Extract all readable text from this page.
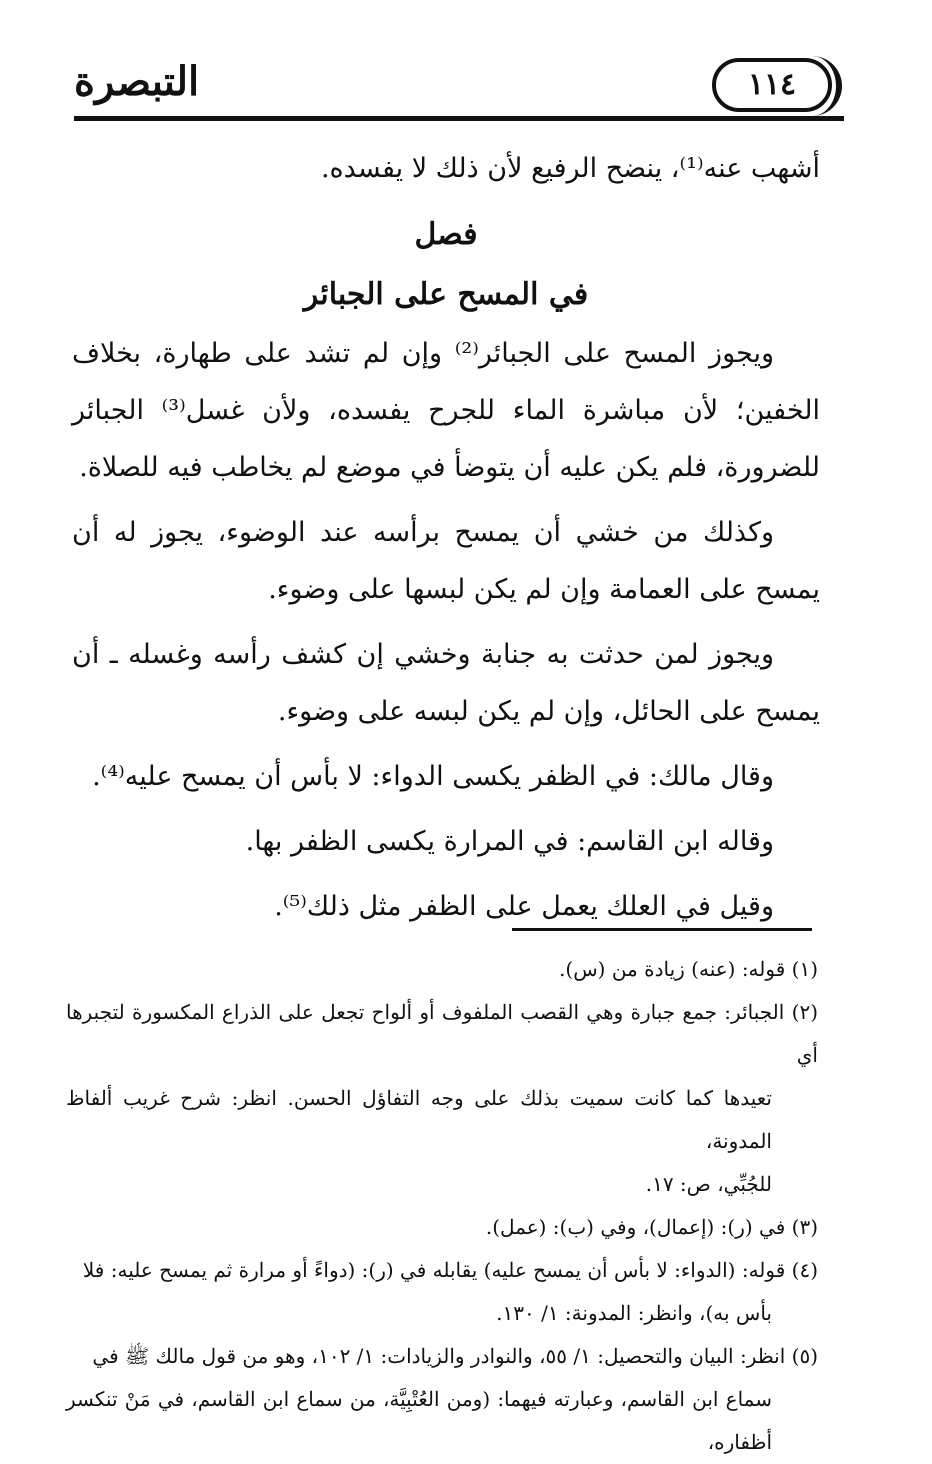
التبصرة	١١٤

أشهب عنه⁽¹⁾، ينضح الرفيع لأن ذلك لا يفسده.

فصل

في المسح على الجبائر

ويجوز المسح على الجبائر⁽²⁾ وإن لم تشد على طهارة، بخلاف الخفين؛ لأن مباشرة الماء للجرح يفسده، ولأن غسل⁽³⁾ الجبائر للضرورة، فلم يكن عليه أن يتوضأ في موضع لم يخاطب فيه للصلاة.

وكذلك من خشي أن يمسح برأسه عند الوضوء، يجوز له أن يمسح على العمامة وإن لم يكن لبسها على وضوء.

ويجوز لمن حدثت به جنابة وخشي إن كشف رأسه وغسله ـ أن يمسح على الحائل، وإن لم يكن لبسه على وضوء.

وقال مالك: في الظفر يكسى الدواء: لا بأس أن يمسح عليه⁽⁴⁾.

وقاله ابن القاسم: في المرارة يكسى الظفر بها.

وقيل في العلك يعمل على الظفر مثل ذلك⁽⁵⁾.

(١) قوله: (عنه) زيادة من (س).

(٢) الجبائر: جمع جبارة وهي القصب الملفوف أو ألواح تجعل على الذراع المكسورة لتجبرها أي

تعيدها كما كانت سميت بذلك على وجه التفاؤل الحسن. انظر: شرح غريب ألفاظ المدونة،

للجُبِّي، ص: ١٧.

(٣) في (ر): (إعمال)، وفي (ب): (عمل).

(٤) قوله: (الدواء: لا بأس أن يمسح عليه) يقابله في (ر): (دواءً أو مرارة ثم يمسح عليه: فلا

بأس به)، وانظر: المدونة: ١/ ١٣٠.

(٥) انظر: البيان والتحصيل: ١/ ٥٥، والنوادر والزيادات: ١/ ١٠٢، وهو من قول مالك ﷺ في

سماع ابن القاسم، وعبارته فيهما: (ومن العُتْبِيَّة، من سماع ابن القاسم، في مَنْ تنكسر أظفاره،
